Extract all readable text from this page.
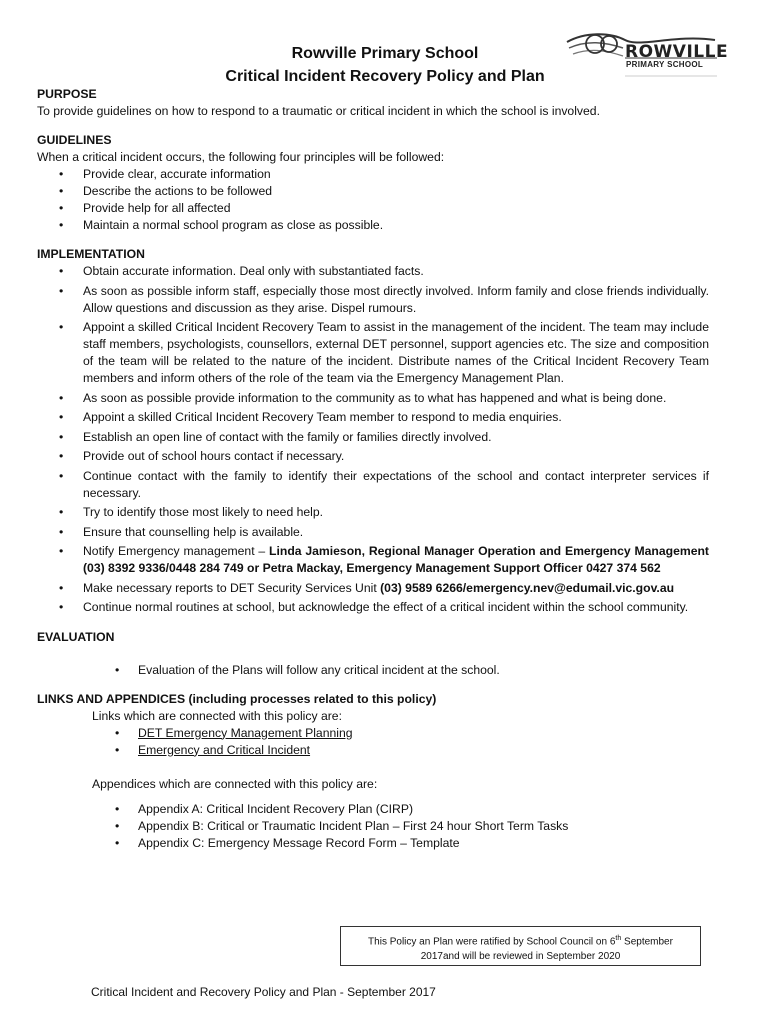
Rowville Primary School

Critical Incident Recovery Policy and Plan

ROWVILLE
PRIMARY SCHOOL

PURPOSE

To provide guidelines on how to respond to a traumatic or critical incident in which the school is involved.

GUIDELINES

When a critical incident occurs, the following four principles will be followed:

• Provide clear, accurate information
• Describe the actions to be followed
• Provide help for all affected
• Maintain a normal school program as close as possible.

IMPLEMENTATION

• Obtain accurate information. Deal only with substantiated facts.
• As soon as possible inform staff, especially those most directly involved. Inform family and close friends individually. Allow questions and discussion as they arise. Dispel rumours.
• Appoint a skilled Critical Incident Recovery Team to assist in the management of the incident. The team may include staff members, psychologists, counsellors, external DET personnel, support agencies etc. The size and composition of the team will be related to the nature of the incident. Distribute names of the Critical Incident Recovery Team members and inform others of the role of the team via the Emergency Management Plan.
• As soon as possible provide information to the community as to what has happened and what is being done.
• Appoint a skilled Critical Incident Recovery Team member to respond to media enquiries.
• Establish an open line of contact with the family or families directly involved.
• Provide out of school hours contact if necessary.
• Continue contact with the family to identify their expectations of the school and contact interpreter services if necessary.
• Try to identify those most likely to need help.
• Ensure that counselling help is available.
• Notify Emergency management – Linda Jamieson, Regional Manager Operation and Emergency Management (03) 8392 9336/0448 284 749 or Petra Mackay, Emergency Management Support Officer 0427 374 562
• Make necessary reports to DET Security Services Unit (03) 9589 6266/emergency.nev@edumail.vic.gov.au
• Continue normal routines at school, but acknowledge the effect of a critical incident within the school community.

EVALUATION

• Evaluation of the Plans will follow any critical incident at the school.

LINKS AND APPENDICES (including processes related to this policy)

Links which are connected with this policy are:

• DET Emergency Management Planning
• Emergency and Critical Incident

Appendices which are connected with this policy are:

• Appendix A: Critical Incident Recovery Plan (CIRP)
• Appendix B: Critical or Traumatic Incident Plan – First 24 hour Short Term Tasks
• Appendix C: Emergency Message Record Form – Template
This Policy an Plan were ratified by School Council on 6th September
2017and will be reviewed in September 2020
Critical Incident and Recovery Policy and Plan - September 2017
